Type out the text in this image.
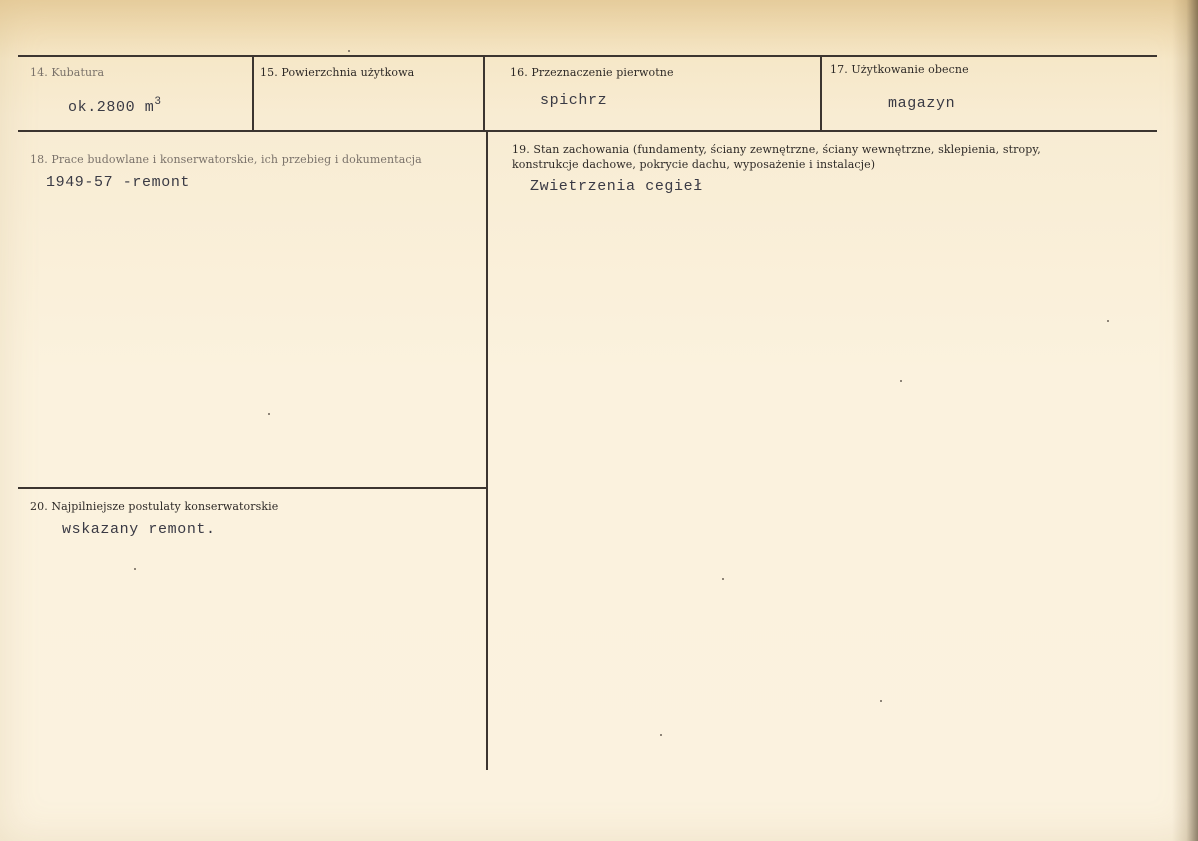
14. Kubatura
ok.2800 $m^3$
15. Powierzchnia użytkowa	16. Przeznaczenie pierwotne
spichrz
17. Użytkowanie obecne
magazyn
18. Prace budowlane i konserwatorskie, ich przebieg i dokumentacja
1949-57 -remont
19. Stan zachowania (fundamenty, ściany zewnętrzne, ściany wewnętrzne, sklepienia, stropy,
konstrukcje dachowe, pokrycie dachu, wyposażenie i instalacje)
Zwietrzenia cegieł
20. Najpilniejsze postulaty konserwatorskie
wskazany remont.
